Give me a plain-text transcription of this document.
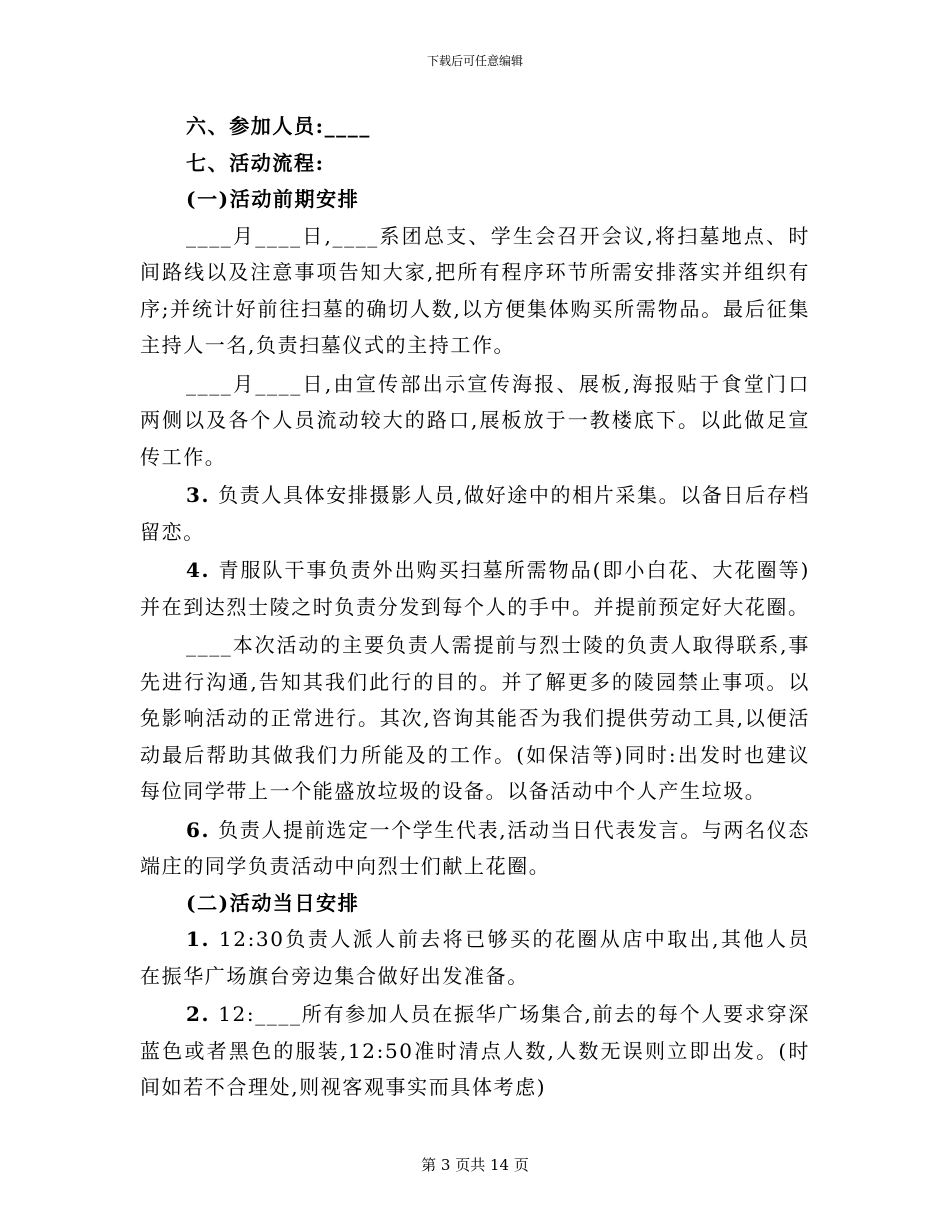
下载后可任意编辑
六、参加人员:____
七、活动流程:
(一)活动前期安排

____月____日,____系团总支、学生会召开会议,将扫墓地点、时间路线以及注意事项告知大家,把所有程序环节所需安排落实并组织有序;并统计好前往扫墓的确切人数,以方便集体购买所需物品。最后征集主持人一名,负责扫墓仪式的主持工作。

____月____日,由宣传部出示宣传海报、展板,海报贴于食堂门口两侧以及各个人员流动较大的路口,展板放于一教楼底下。以此做足宣传工作。

3. 负责人具体安排摄影人员,做好途中的相片采集。以备日后存档留恋。

4. 青服队干事负责外出购买扫墓所需物品(即小白花、大花圈等)并在到达烈士陵之时负责分发到每个人的手中。并提前预定好大花圈。

____本次活动的主要负责人需提前与烈士陵的负责人取得联系,事先进行沟通,告知其我们此行的目的。并了解更多的陵园禁止事项。以免影响活动的正常进行。其次,咨询其能否为我们提供劳动工具,以便活动最后帮助其做我们力所能及的工作。(如保洁等)同时:出发时也建议每位同学带上一个能盛放垃圾的设备。以备活动中个人产生垃圾。

6. 负责人提前选定一个学生代表,活动当日代表发言。与两名仪态端庄的同学负责活动中向烈士们献上花圈。

(二)活动当日安排

1. 12:30负责人派人前去将已够买的花圈从店中取出,其他人员在振华广场旗台旁边集合做好出发准备。

2. 12:____所有参加人员在振华广场集合,前去的每个人要求穿深蓝色或者黑色的服装,12:50准时清点人数,人数无误则立即出发。(时间如若不合理处,则视客观事实而具体考虑)

第 3 页共 14 页
